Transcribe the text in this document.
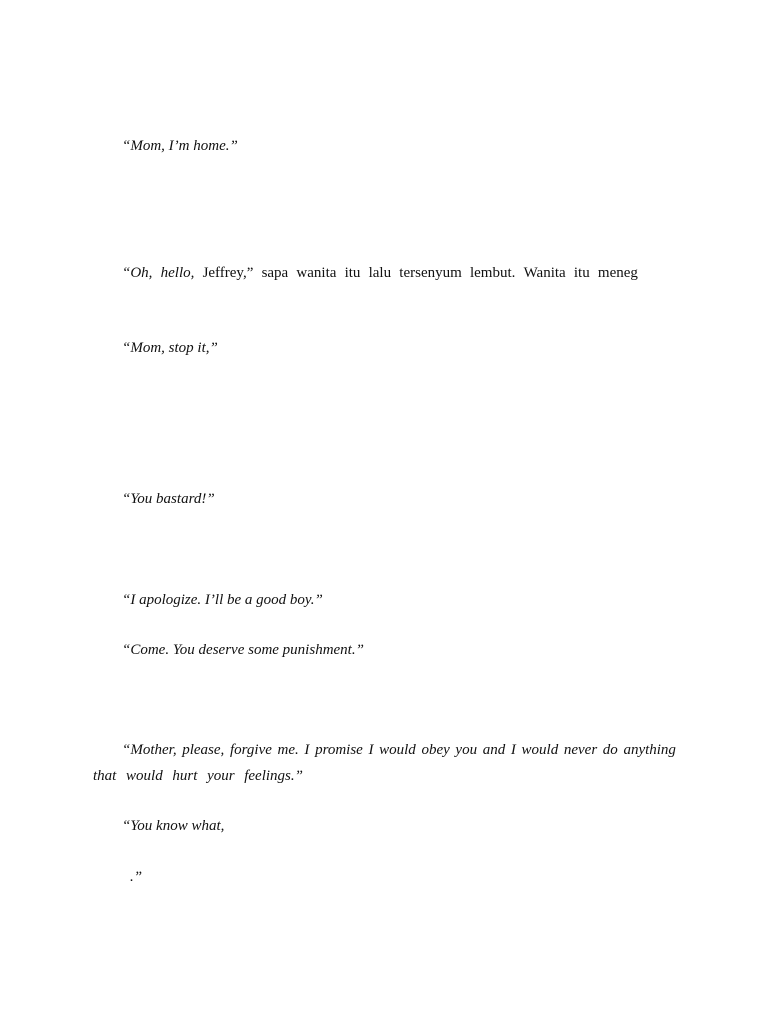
“Mom, I’m home.”
“Oh, hello, Jeffrey,” sapa wanita itu lalu tersenyum lembut. Wanita itu meneg
“Mom, stop it,”
“You bastard!”
“I apologize. I’ll be a good boy.”
“Come. You deserve some punishment.”
“Mother, please, forgive me. I promise I would obey you and I would never do anything
that would hurt your feelings.”
“You know what,
.”
